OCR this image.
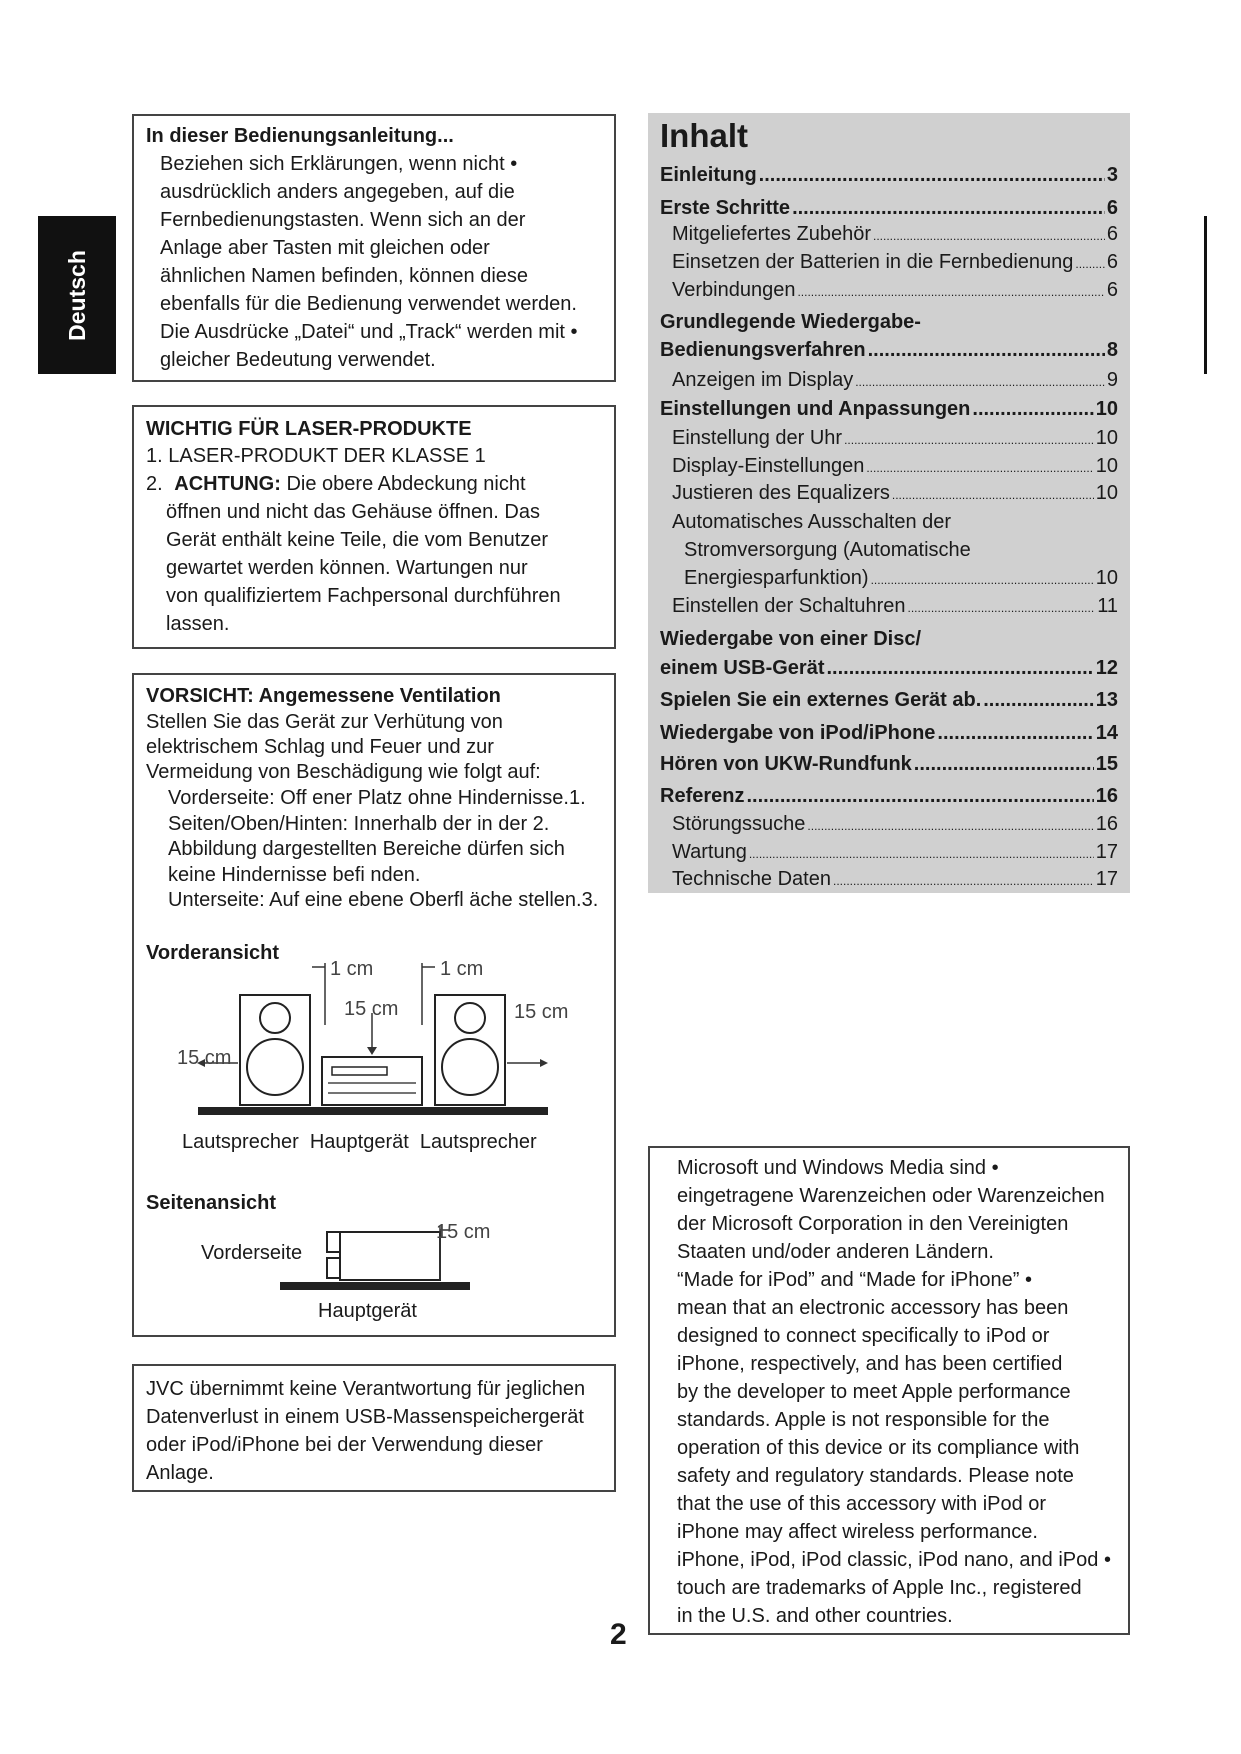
Deutsch
In dieser Bedienungsanleitung...
Beziehen sich Erklärungen, wenn nicht •
ausdrücklich anders angegeben, auf die
Fernbedienungstasten. Wenn sich an der
Anlage aber Tasten mit gleichen oder
ähnlichen Namen befinden, können diese
ebenfalls für die Bedienung verwendet werden.
Die Ausdrücke „Datei“ und „Track“ werden mit •
gleicher Bedeutung verwendet.
WICHTIG FÜR LASER-PRODUKTE
1. LASER-PRODUKT DER KLASSE 1
2. ACHTUNG: Die obere Abdeckung nicht
öffnen und nicht das Gehäuse öffnen. Das
Gerät enthält keine Teile, die vom Benutzer
gewartet werden können. Wartungen nur
von qualifiziertem Fachpersonal durchführen
lassen.
VORSICHT: Angemessene Ventilation
Stellen Sie das Gerät zur Verhütung von
elektrischem Schlag und Feuer und zur
Vermeidung von Beschädigung wie folgt auf:
Vorderseite: Off ener Platz ohne Hindernisse.1.
Seiten/Oben/Hinten: Innerhalb der in der 2.
Abbildung dargestellten Bereiche dürfen sich
keine Hindernisse befi nden.
Unterseite: Auf eine ebene Oberfl äche stellen.3.
Vorderansicht
1 cm	1 cm
15 cm	15 cm
15 cm
Lautsprecher  Hauptgerät  Lautsprecher
Seitenansicht
Vorderseite
15 cm
Hauptgerät
JVC übernimmt keine Verantwortung für jeglichen
Datenverlust in einem USB-Massenspeichergerät
oder iPod/iPhone bei der Verwendung dieser
Anlage.
Inhalt
Einleitung .....	3
Erste Schritte .....	6
Mitgeliefertes Zubehör .....	6
Einsetzen der Batterien in die Fernbedienung ..... 6
Verbindungen .....	6
Grundlegende Wiedergabe-
Bedienungsverfahren .....	8
Anzeigen im Display .....	9
Einstellungen und Anpassungen .....	10
Einstellung der Uhr .....	10
Display-Einstellungen .....	10
Justieren des Equalizers .....	10
Automatisches Ausschalten der
Stromversorgung (Automatische
Energiesparfunktion) .....	10
Einstellen der Schaltuhren .....	11
Wiedergabe von einer Disc/
einem USB-Gerät .....	12
Spielen Sie ein externes Gerät ab. .....	13
Wiedergabe von iPod/iPhone .....	14
Hören von UKW-Rundfunk .....	15
Referenz .....	16
Störungssuche .....	16
Wartung .....	17
Technische Daten .....	17
Microsoft und Windows Media sind •
eingetragene Warenzeichen oder Warenzeichen
der Microsoft Corporation in den Vereinigten
Staaten und/oder anderen Ländern.
“Made for iPod” and “Made for iPhone” •
mean that an electronic accessory has been
designed to connect specifically to iPod or
iPhone, respectively, and has been certified
by the developer to meet Apple performance
standards. Apple is not responsible for the
operation of this device or its compliance with
safety and regulatory standards. Please note
that the use of this accessory with iPod or
iPhone may affect wireless performance.
iPhone, iPod, iPod classic, iPod nano, and iPod •
touch are trademarks of Apple Inc., registered
in the U.S. and other countries.
2
